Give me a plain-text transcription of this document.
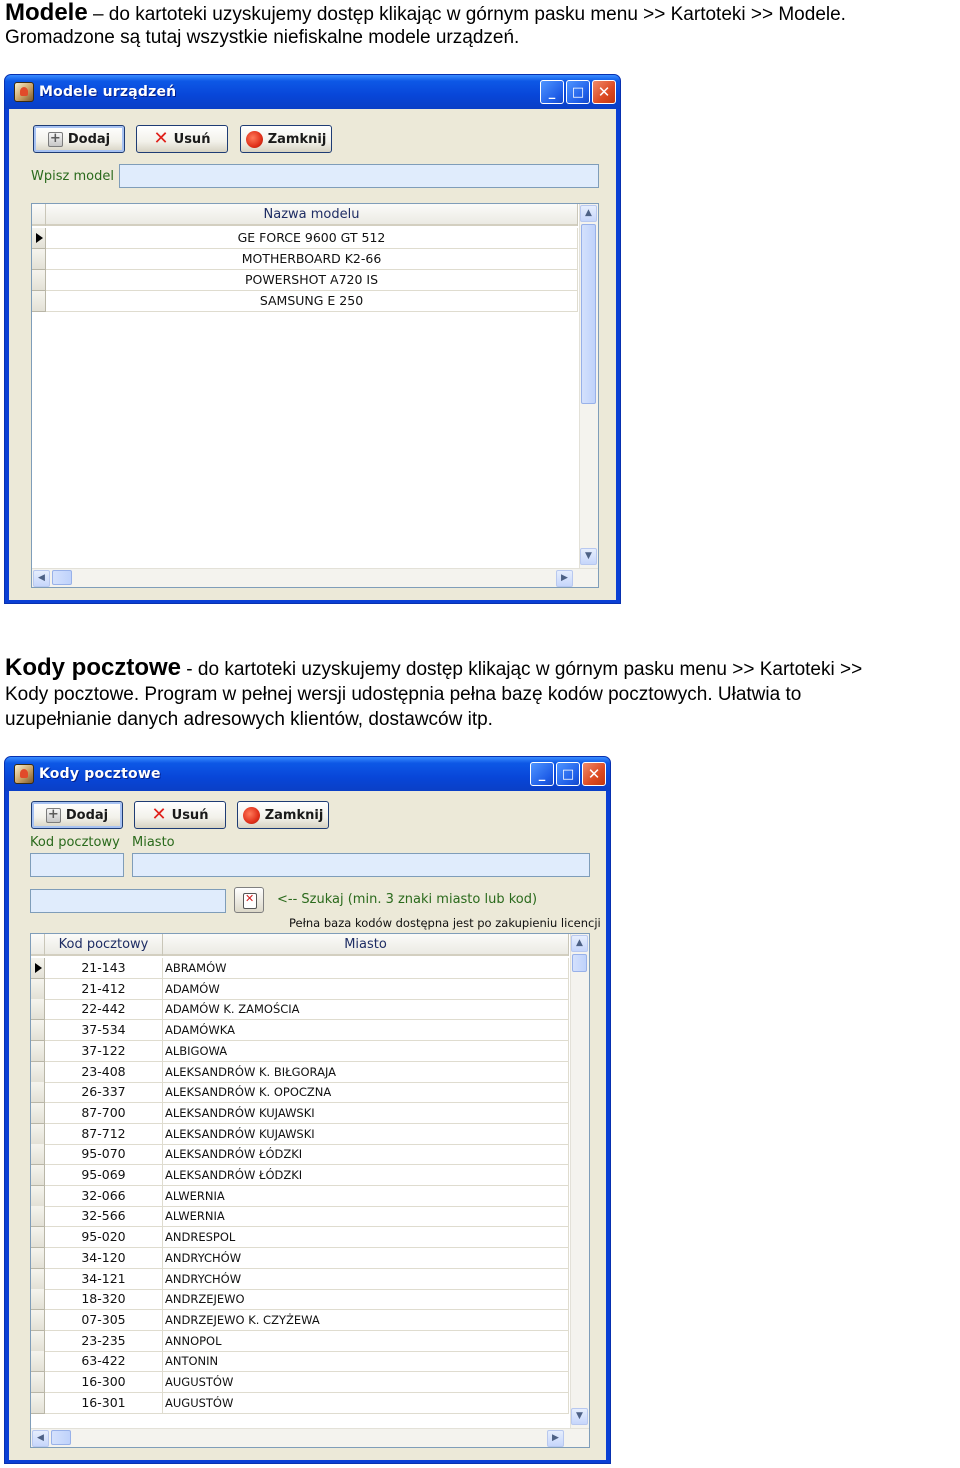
Modele – do kartoteki uzyskujemy dostęp klikając w górnym pasku menu >> Kartoteki >> Modele.
Gromadzone są tutaj wszystkie niefiskalne modele urządzeń.
Modele urządzeń	_	□ ✕
+ Dodaj ✕ Usuń	Zamknij
Wpisz model
Nazwa modelu
GE FORCE 9600 GT 512
MOTHERBOARD K2-66
POWERSHOT A720 IS
SAMSUNG E 250
▲
▼
◀	▶
Kody pocztowe - do kartoteki uzyskujemy dostęp klikając w górnym pasku menu >> Kartoteki >>
Kody pocztowe. Program w pełnej wersji udostępnia pełna bazę kodów pocztowych. Ułatwia to
uzupełnianie danych adresowych klientów, dostawców itp.
Kody pocztowe	_	□ ✕
+ Dodaj ✕ Usuń	Zamknij
Kod pocztowy Miasto
✕
<-- Szukaj (min. 3 znaki miasto lub kod)
Pełna baza kodów dostępna jest po zakupieniu licencji
Kod pocztowy	Miasto
21-143	ABRAMÓW
21-412	ADAMÓW
22-442	ADAMÓW K. ZAMOŚCIA
37-534	ADAMÓWKA
37-122	ALBIGOWA
23-408	ALEKSANDRÓW K. BIŁGORAJA
26-337	ALEKSANDRÓW K. OPOCZNA
87-700	ALEKSANDRÓW KUJAWSKI
87-712	ALEKSANDRÓW KUJAWSKI
95-070	ALEKSANDRÓW ŁÓDZKI
95-069	ALEKSANDRÓW ŁÓDZKI
32-066	ALWERNIA
32-566	ALWERNIA
95-020	ANDRESPOL
34-120	ANDRYCHÓW
34-121	ANDRYCHÓW
18-320	ANDRZEJEWO
07-305	ANDRZEJEWO K. CZYŻEWA
23-235	ANNOPOL
63-422	ANTONIN
16-300	AUGUSTÓW
16-301	AUGUSTÓW
▲
▼
◀	▶
